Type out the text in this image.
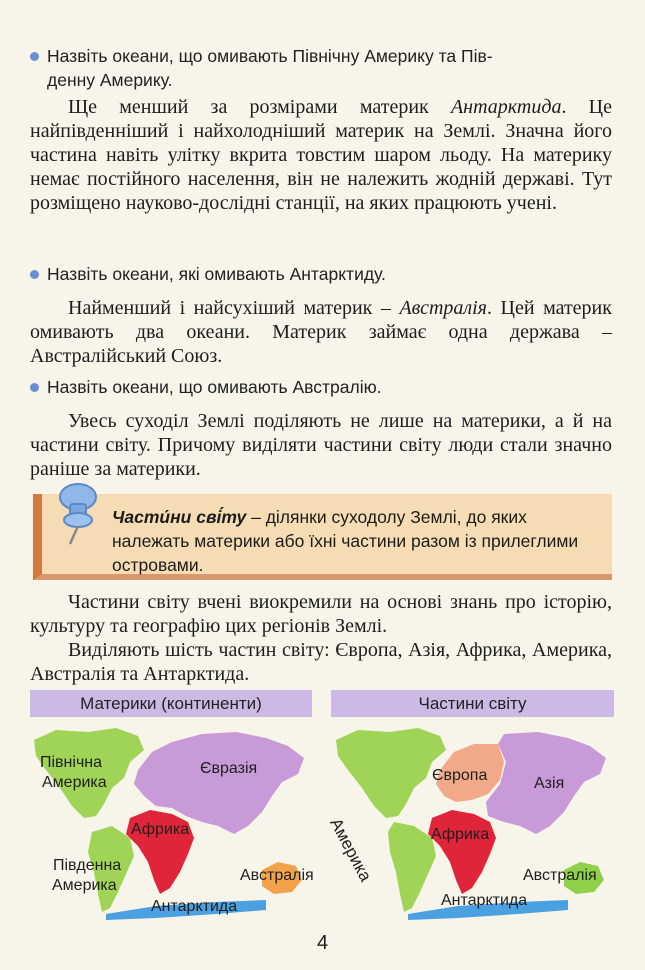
Назвіть океани, що омивають Північну Америку та Пів-
денну Америку.
Ще менший за розмірами материк Антарктида. Це найпівденніший і найхолодніший материк на Землі. Значна його частина навіть улітку вкрита товстим шаром льоду. На материку немає постійного населення, він не належить жодній державі. Тут розміщено науково-дослідні станції, на яких працюють учені.
Назвіть океани, які омивають Антарктиду.
Найменший і найсухіший материк – Австралія. Цей материк омивають два океани. Материк займає одна держава – Австралійський Союз.
Назвіть океани, що омивають Австралію.
Увесь суходіл Землі поділяють не лише на материки, а й на частини світу. Причому виділяти частини світу люди стали значно раніше за материки.
Части́ни сві́ту – ділянки суходолу Землі, до яких належать материки або їхні частини разом із прилеглими островами.
Частини світу вчені виокремили на основі знань про історію, культуру та географію цих регіонів Землі.
Виділяють шість частин світу: Європа, Азія, Африка, Америка, Австралія та Антарктида.
Материки (континенти)	Частини світу
Північна
Америка
Євразія
Африка
Південна
Америка
Австралія
Антарктида
Америка
Європа	Азія
Африка
Австралія
Антарктида
4
